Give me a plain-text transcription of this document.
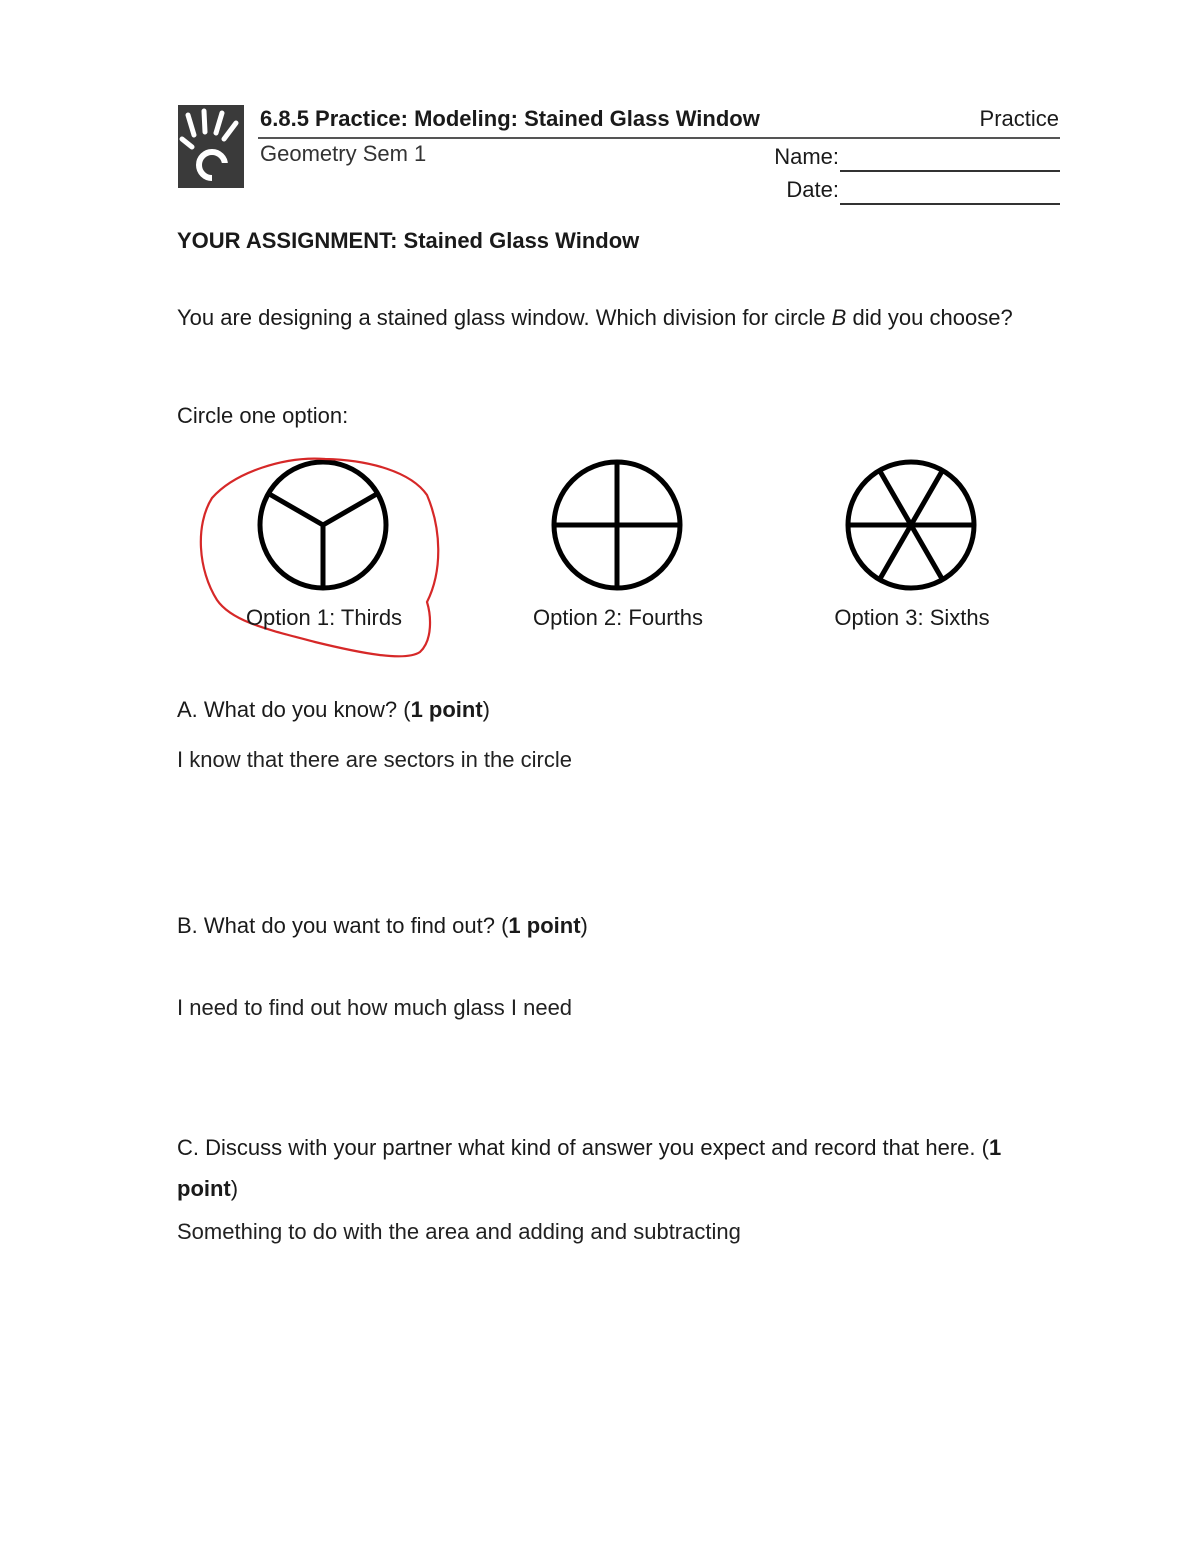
6.8.5 Practice: Modeling: Stained Glass Window	Practice
Geometry Sem 1	Name:
Date:
YOUR ASSIGNMENT: Stained Glass Window
You are designing a stained glass window. Which division for circle B did you choose?
Circle one option:
Option 1: Thirds	Option 2: Fourths	Option 3: Sixths
A. What do you know? (1 point)
I know that there are sectors in the circle
B. What do you want to find out? (1 point)
I need to find out how much glass I need
C. Discuss with your partner what kind of answer you expect and record that here. (1 point)
Something to do with the area and adding and subtracting
